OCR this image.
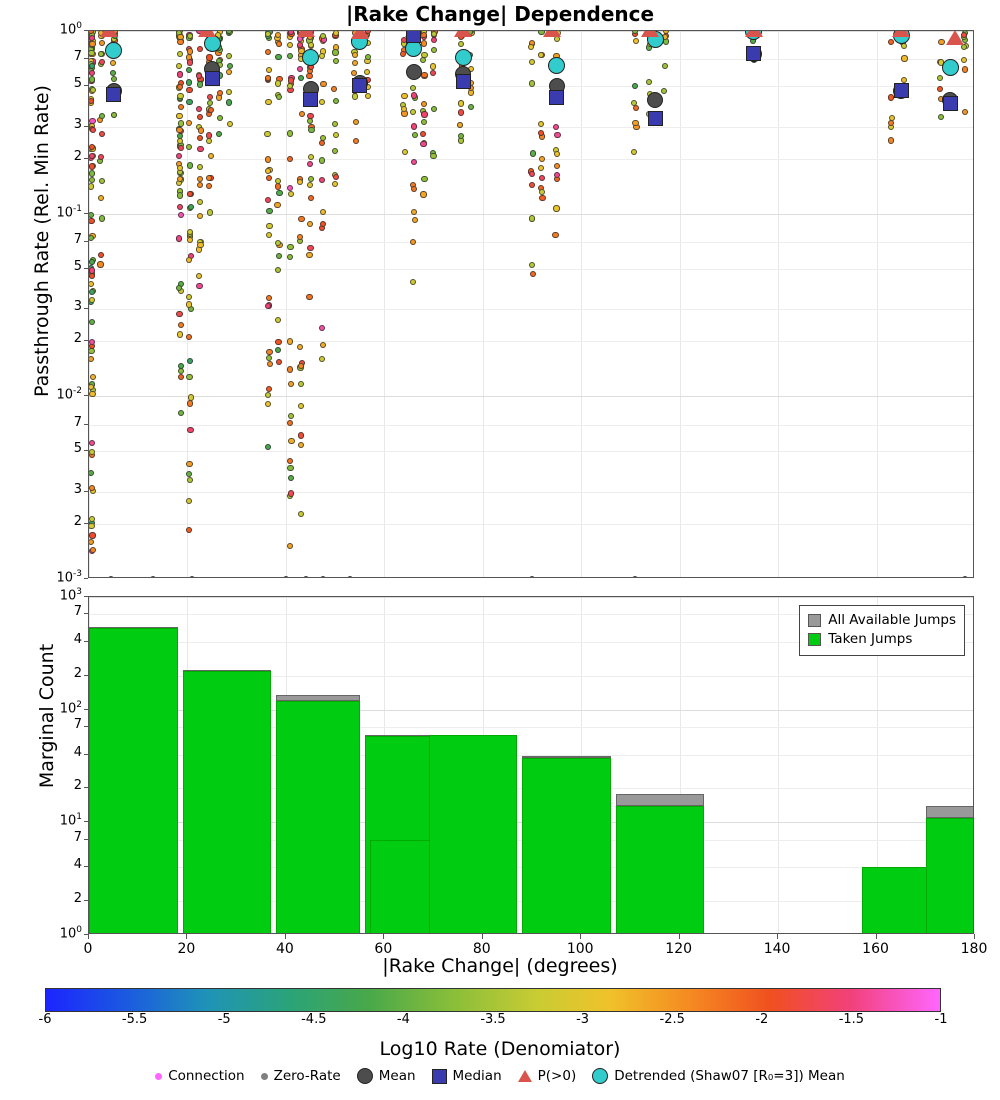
|Rake Change| Dependence
Passthrough Rate (Rel. Min Rate)
Marginal Count
|Rake Change| (degrees)
Log10 Rate (Denomiator)
$10^0$
7
5
3
2
$10^{-1}$
7
5
3
2
$10^{-2}$
7
5
3
2
$10^{-3}$
All Available Jumps
Taken Jumps
$10^0$
2
4
7
$10^1$
2
4
7
$10^2$
2
4
7
$10^3$
0	20	40	60	80	100	120	140	160	180
-6	-5.5	-5	-4.5	-4	-3.5	-3	-2.5	-2	-1.5	-1
Connection Zero-Rate	Mean	Median	P(>0)	Detrended (Shaw07 [R₀=3]) Mean
